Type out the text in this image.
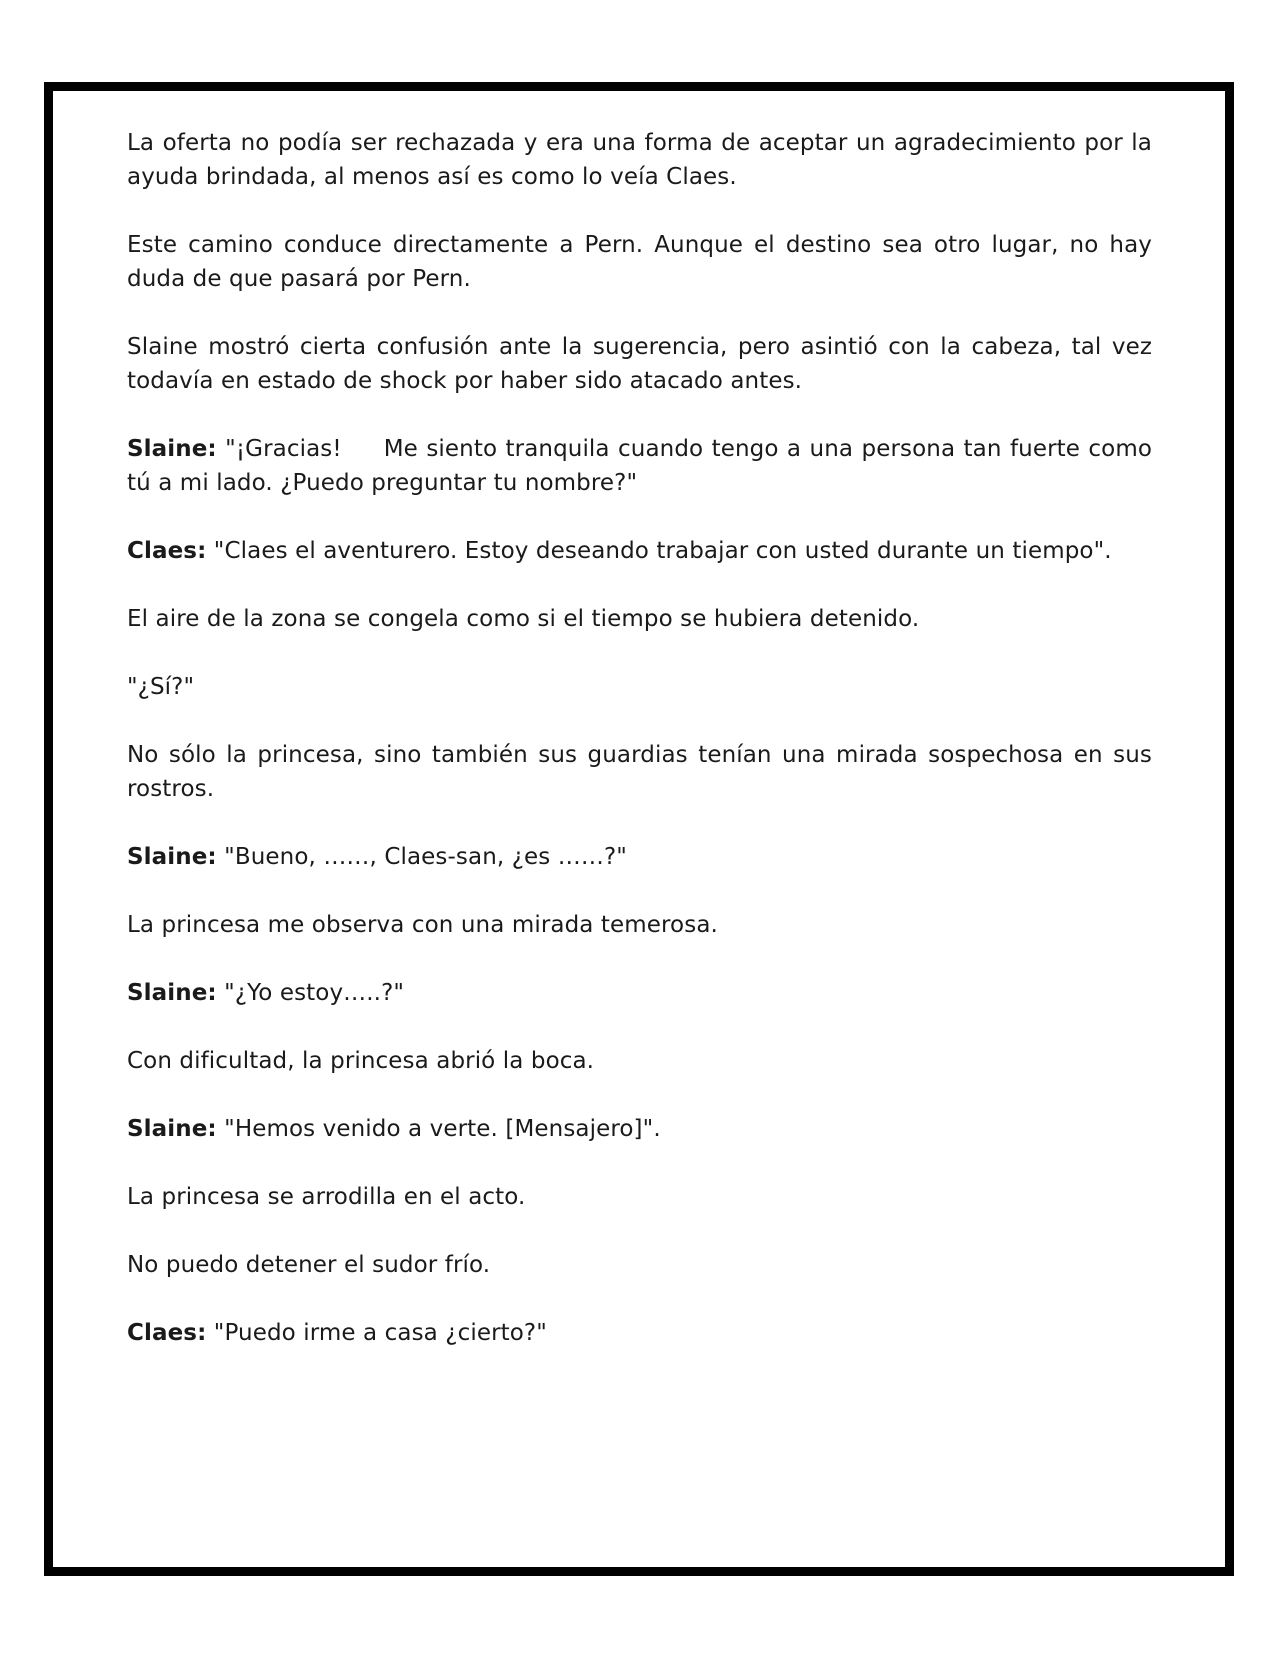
La oferta no podía ser rechazada y era una forma de aceptar un agradecimiento por la ayuda brindada, al menos así es como lo veía Claes.

Este camino conduce directamente a Pern. Aunque el destino sea otro lugar, no hay duda de que pasará por Pern.

Slaine mostró cierta confusión ante la sugerencia, pero asintió con la cabeza, tal vez todavía en estado de shock por haber sido atacado antes.

Slaine: "¡Gracias!     Me siento tranquila cuando tengo a una persona tan fuerte como tú a mi lado. ¿Puedo preguntar tu nombre?"

Claes: "Claes el aventurero. Estoy deseando trabajar con usted durante un tiempo".

El aire de la zona se congela como si el tiempo se hubiera detenido.

"¿Sí?"

No sólo la princesa, sino también sus guardias tenían una mirada sospechosa en sus rostros.

Slaine: "Bueno, ……, Claes-san, ¿es ……?"

La princesa me observa con una mirada temerosa.

Slaine: "¿Yo estoy…..?"

Con dificultad, la princesa abrió la boca.

Slaine: "Hemos venido a verte. [Mensajero]".

La princesa se arrodilla en el acto.

No puedo detener el sudor frío.

Claes: "Puedo irme a casa ¿cierto?"
